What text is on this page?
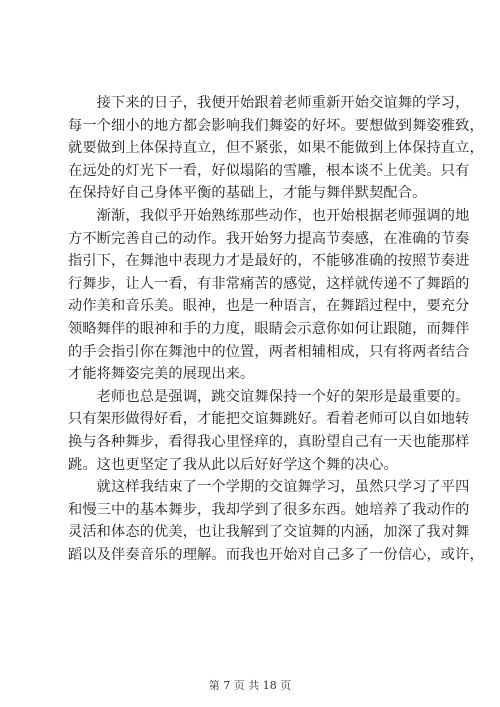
　　接下来的日子，我便开始跟着老师重新开始交谊舞的学习，
每一个细小的地方都会影响我们舞姿的好坏。要想做到舞姿雅致，
就要做到上体保持直立，但不紧张，如果不能做到上体保持直立，
在远处的灯光下一看，好似塌陷的雪雕，根本谈不上优美。只有
在保持好自己身体平衡的基础上，才能与舞伴默契配合。

　　渐渐，我似乎开始熟练那些动作，也开始根据老师强调的地
方不断完善自己的动作。我开始努力提高节奏感，在准确的节奏
指引下，在舞池中表现力才是最好的，不能够准确的按照节奏进
行舞步，让人一看，有非常痛苦的感觉，这样就传递不了舞蹈的
动作美和音乐美。眼神，也是一种语言，在舞蹈过程中，要充分
领略舞伴的眼神和手的力度，眼睛会示意你如何让跟随，而舞伴
的手会指引你在舞池中的位置，两者相辅相成，只有将两者结合
才能将舞姿完美的展现出来。

　　老师也总是强调，跳交谊舞保持一个好的架形是最重要的。
只有架形做得好看，才能把交谊舞跳好。看着老师可以自如地转
换与各种舞步，看得我心里怪痒的，真盼望自己有一天也能那样
跳。这也更坚定了我从此以后好好学这个舞的决心。

　　就这样我结束了一个学期的交谊舞学习，虽然只学习了平四
和慢三中的基本舞步，我却学到了很多东西。她培养了我动作的
灵活和体态的优美，也让我解到了交谊舞的内涵，加深了我对舞
蹈以及伴奏音乐的理解。而我也开始对自己多了一份信心，或许，

第 7 页 共 18 页
